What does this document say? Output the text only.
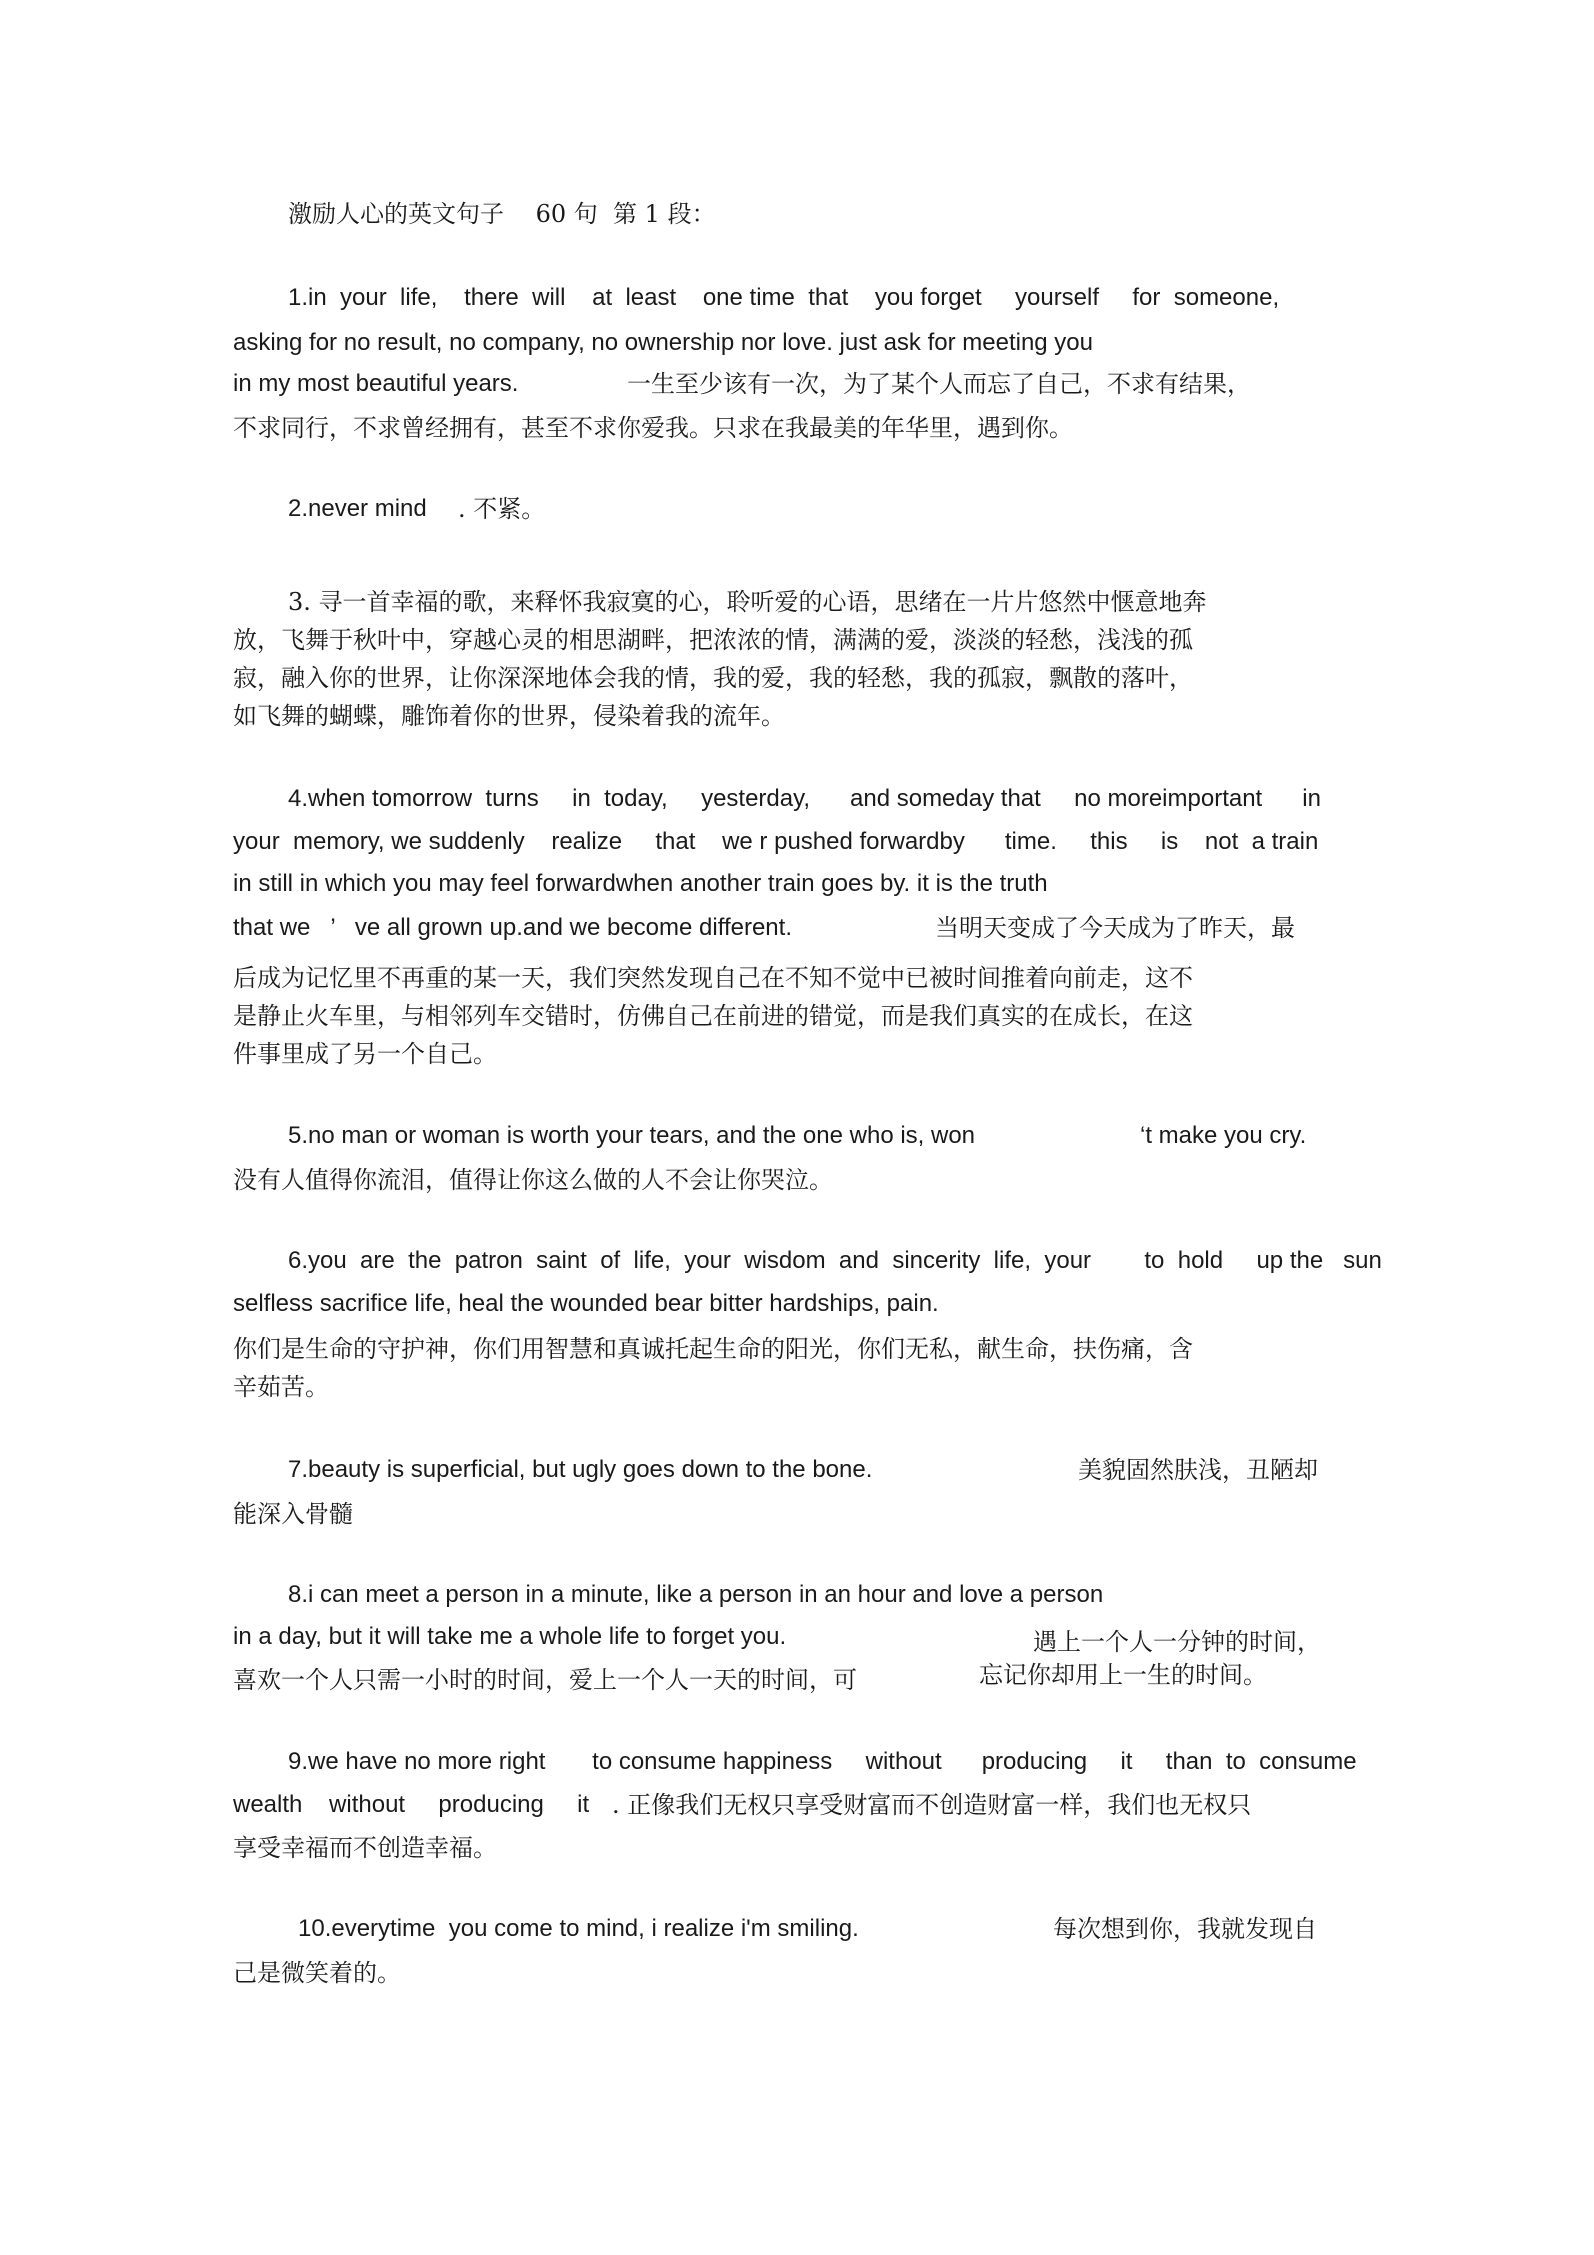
激励人心的英文句子　 60 句  第 1 段：
1.in  your  life,    there  will    at  least    one time  that    you forget     yourself     for  someone,
asking for no result, no company, no ownership nor love. just ask for meeting you
in my most beautiful years.	一生至少该有一次，为了某个人而忘了自己，不求有结果，
不求同行，不求曾经拥有，甚至不求你爱我。只求在我最美的年华里，遇到你。
2.never mind . 不紧。
3. 寻一首幸福的歌，来释怀我寂寞的心，聆听爱的心语，思绪在一片片悠然中惬意地奔
放，飞舞于秋叶中，穿越心灵的相思湖畔，把浓浓的情，满满的爱，淡淡的轻愁，浅浅的孤
寂，融入你的世界，让你深深地体会我的情，我的爱，我的轻愁，我的孤寂，飘散的落叶，
如飞舞的蝴蝶，雕饰着你的世界，侵染着我的流年。
4.when tomorrow  turns     in  today,     yesterday,      and someday that     no moreimportant      in
your  memory, we suddenly    realize     that    we r pushed forwardby      time.     this     is    not  a train
in still in which you may feel forwardwhen another train goes by. it is the truth
that we   ’   ve all grown up.and we become different.	当明天变成了今天成为了昨天，最
后成为记忆里不再重的某一天，我们突然发现自己在不知不觉中已被时间推着向前走，这不
是静止火车里，与相邻列车交错时，仿佛自己在前进的错觉，而是我们真实的在成长，在这
件事里成了另一个自己。
5.no man or woman is worth your tears, and the one who is, won	‘t make you cry.
没有人值得你流泪，值得让你这么做的人不会让你哭泣。
6.you  are  the  patron  saint  of  life,  your  wisdom  and  sincerity  life,  your        to  hold     up the   sun
selfless sacrifice life, heal the wounded bear bitter hardships, pain.
你们是生命的守护神，你们用智慧和真诚托起生命的阳光，你们无私，献生命，扶伤痛，含
辛茹苦。
7.beauty is superficial, but ugly goes down to the bone.	美貌固然肤浅，丑陋却
能深入骨髓
8.i can meet a person in a minute, like a person in an hour and love a person
in a day, but it will take me a whole life to forget you.	遇上一个人一分钟的时间，
喜欢一个人只需一小时的时间，爱上一个人一天的时间，可	忘记你却用上一生的时间。
9.we have no more right       to consume happiness     without      producing     it     than  to  consume
wealth    without     producing     it . 正像我们无权只享受财富而不创造财富一样，我们也无权只
享受幸福而不创造幸福。
10.everytime  you come to mind, i realize i'm smiling.	每次想到你，我就发现自
己是微笑着的。
